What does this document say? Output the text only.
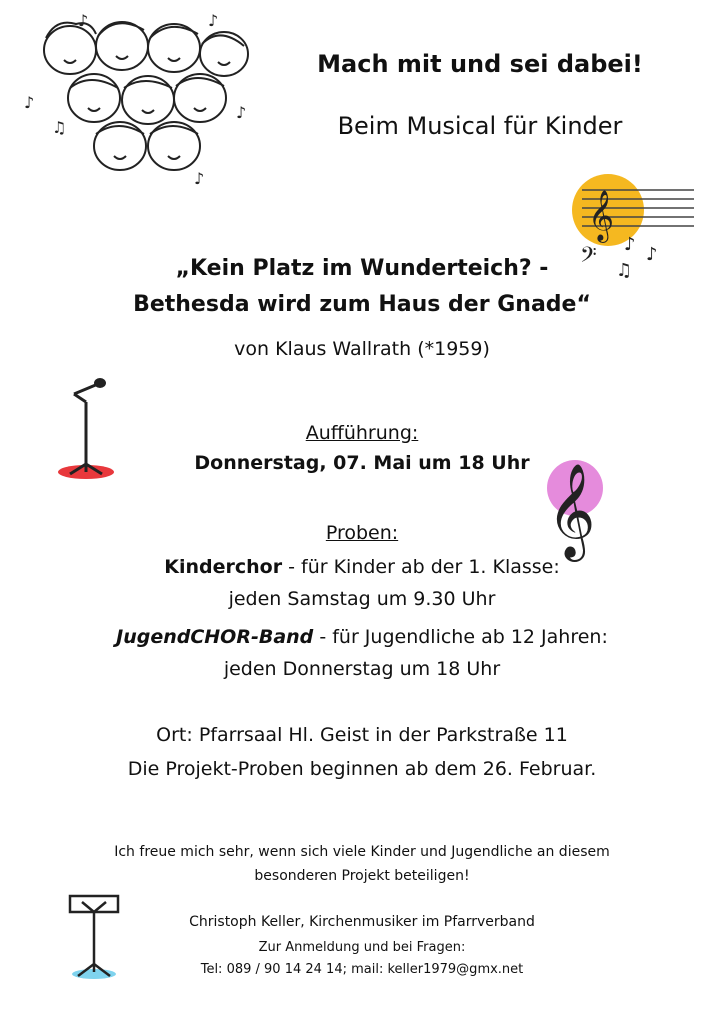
♪
♫
♪	♪
♪
♪
Mach mit und sei dabei!
Beim Musical für Kinder
𝄞
𝄢 ♪ ♪
♫
„Kein Platz im Wunderteich? -
Bethesda wird zum Haus der Gnade“
von Klaus Wallrath (*1959)
Aufführung:
Donnerstag, 07. Mai um 18 Uhr 𝄞
Proben:
Kinderchor - für Kinder ab der 1. Klasse:
jeden Samstag um 9.30 Uhr
JugendCHOR-Band - für Jugendliche ab 12 Jahren:
jeden Donnerstag um 18 Uhr
Ort: Pfarrsaal Hl. Geist in der Parkstraße 11
Die Projekt-Proben beginnen ab dem 26. Februar.
Ich freue mich sehr, wenn sich viele Kinder und Jugendliche an diesem
besonderen Projekt beteiligen!
Christoph Keller, Kirchenmusiker im Pfarrverband
Zur Anmeldung und bei Fragen:
Tel: 089 / 90 14 24 14; mail: keller1979@gmx.net
